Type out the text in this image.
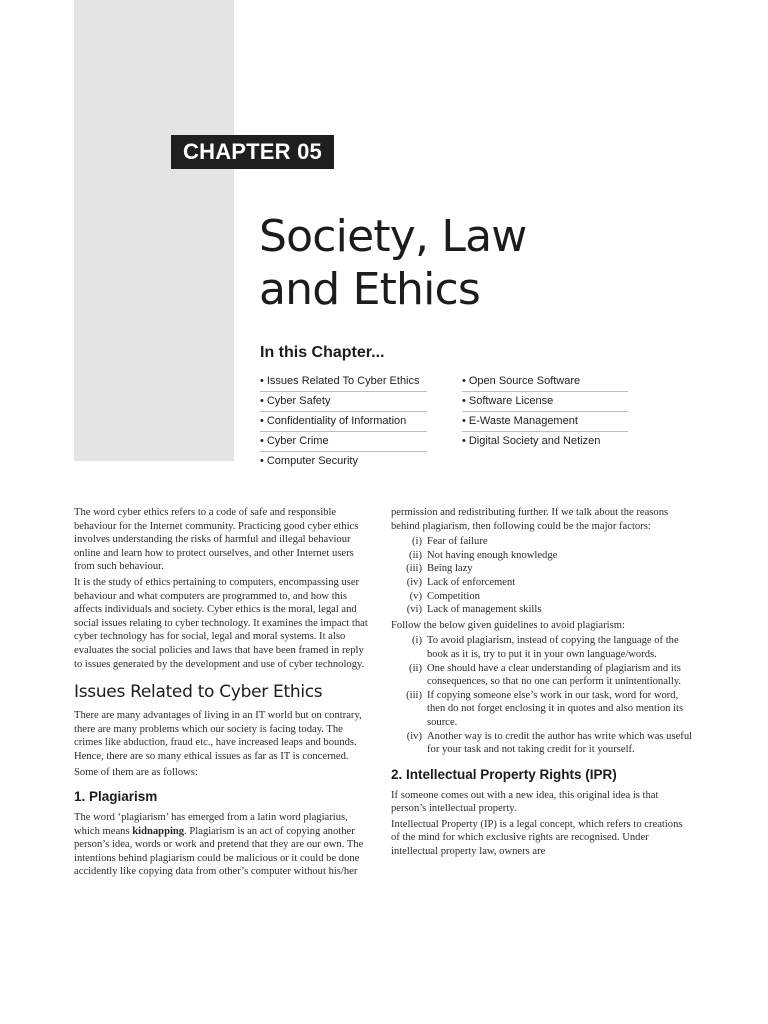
CHAPTER 05
Society, Law
and Ethics
In this Chapter...
• Issues Related To Cyber Ethics
• Cyber Safety
• Confidentiality of Information
• Cyber Crime
• Computer Security
• Open Source Software
• Software License
• E-Waste Management
• Digital Society and Netizen

The word cyber ethics refers to a code of safe and responsible behaviour for the Internet community. Practicing good cyber ethics involves understanding the risks of harmful and illegal behaviour online and learn how to protect ourselves, and other Internet users from such behaviour.

It is the study of ethics pertaining to computers, encompassing user behaviour and what computers are programmed to, and how this affects individuals and society. Cyber ethics is the moral, legal and social issues relating to cyber technology. It examines the impact that cyber technology has for social, legal and moral systems. It also evaluates the social policies and laws that have been framed in reply to issues generated by the development and use of cyber technology.

Issues Related to Cyber Ethics

There are many advantages of living in an IT world but on contrary, there are many problems which our society is facing today. The crimes like abduction, fraud etc., have increased leaps and bounds. Hence, there are so many ethical issues as far as IT is concerned.

Some of them are as follows:

1. Plagiarism

The word ‘plagiarism’ has emerged from a latin word plagiarius, which means kidnapping. Plagiarism is an act of copying another person’s idea, words or work and pretend that they are our own. The intentions behind plagiarism could be malicious or it could be done accidently like copying data from other’s computer without his/her

permission and redistributing further. If we talk about the reasons behind plagiarism, then following could be the major factors:

(i) Fear of failure
(ii) Not having enough knowledge
(iii) Being lazy
(iv) Lack of enforcement
(v) Competition
(vi) Lack of management skills

Follow the below given guidelines to avoid plagiarism:

(i) To avoid plagiarism, instead of copying the language of the book as it is, try to put it in your own language/words.
(ii) One should have a clear understanding of plagiarism and its consequences, so that no one can perform it unintentionally.
(iii) If copying someone else’s work in our task, word for word, then do not forget enclosing it in quotes and also mention its source.
(iv) Another way is to credit the author has write which was useful for your task and not taking credit for it yourself.
2. Intellectual Property Rights (IPR)

If someone comes out with a new idea, this original idea is that person’s intellectual property.

Intellectual Property (IP) is a legal concept, which refers to creations of the mind for which exclusive rights are recognised. Under intellectual property law, owners are
